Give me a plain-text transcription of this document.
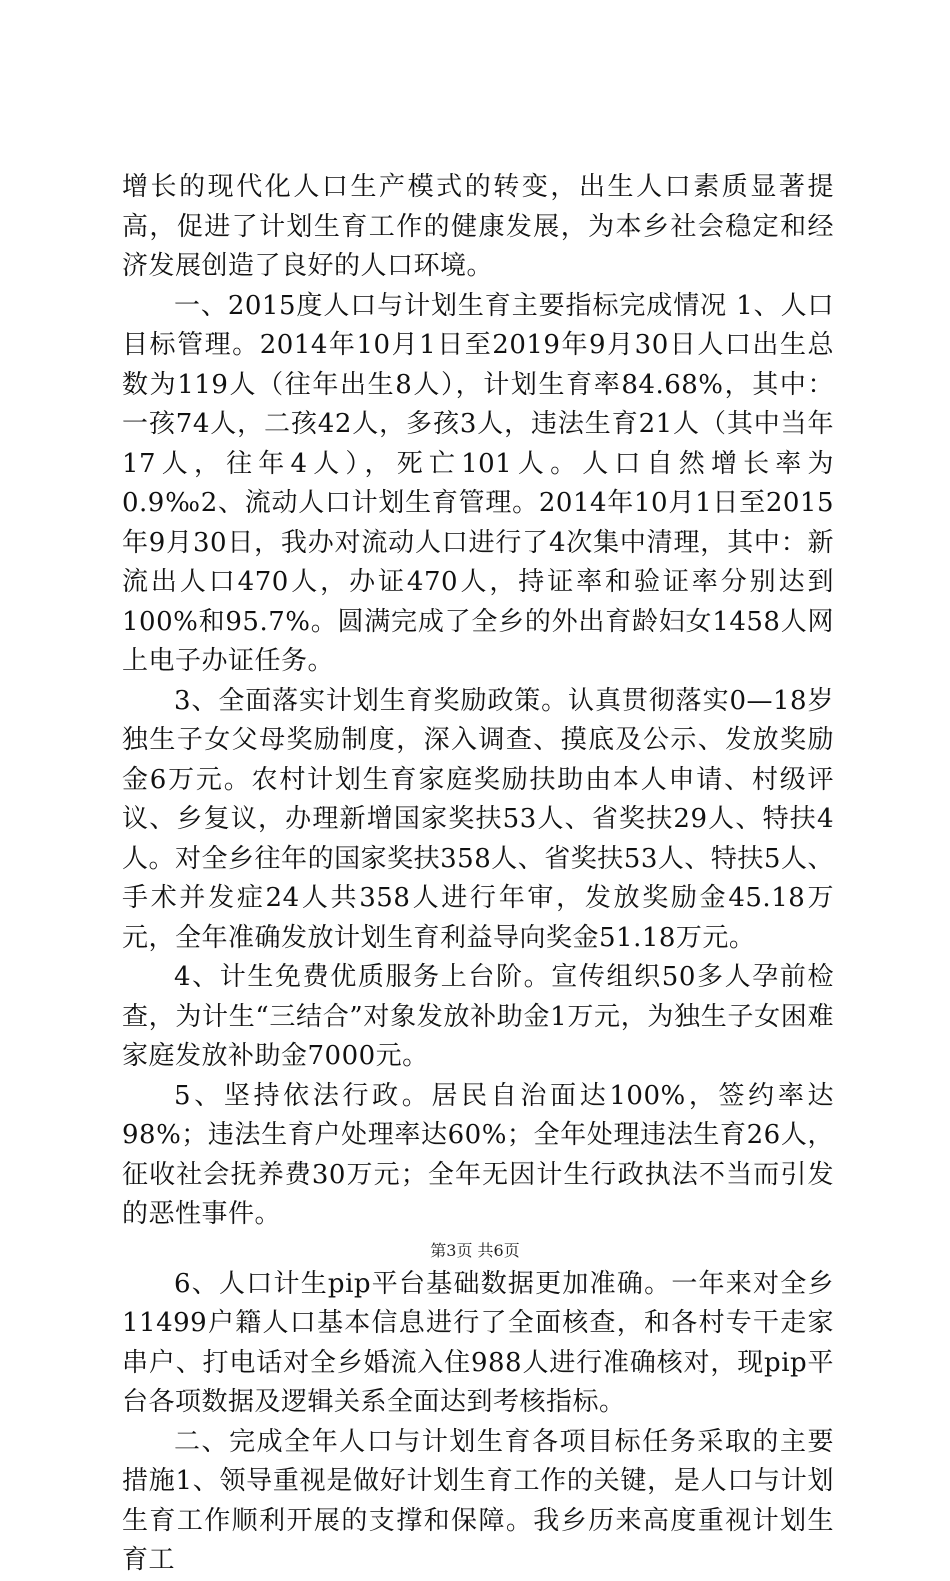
增长的现代化人口生产模式的转变，出生人口素质显著提高，促进了计划生育工作的健康发展，为本乡社会稳定和经济发展创造了良好的人口环境。

一、2015度人口与计划生育主要指标完成情况 1、人口目标管理。2014年10月1日至2019年9月30日人口出生总数为119人（往年出生8人），计划生育率84.68%，其中：一孩74人，二孩42人，多孩3人，违法生育21人（其中当年17人，往年4人），死亡101人。人口自然增长率为0.9‰2、流动人口计划生育管理。2014年10月1日至2015年9月30日，我办对流动人口进行了4次集中清理，其中：新流出人口470人，办证470人，持证率和验证率分别达到100%和95.7%。圆满完成了全乡的外出育龄妇女1458人网上电子办证任务。

3、全面落实计划生育奖励政策。认真贯彻落实0—18岁独生子女父母奖励制度，深入调查、摸底及公示、发放奖励金6万元。农村计划生育家庭奖励扶助由本人申请、村级评议、乡复议，办理新增国家奖扶53人、省奖扶29人、特扶4人。对全乡往年的国家奖扶358人、省奖扶53人、特扶5人、手术并发症24人共358人进行年审，发放奖励金45.18万元，全年准确发放计划生育利益导向奖金51.18万元。

4、计生免费优质服务上台阶。宣传组织50多人孕前检查，为计生“三结合”对象发放补助金1万元，为独生子女困难家庭发放补助金7000元。

5、坚持依法行政。居民自治面达100%，签约率达98%；违法生育户处理率达60%；全年处理违法生育26人，征收社会抚养费30万元；全年无因计生行政执法不当而引发的恶性事件。

6、人口计生pip平台基础数据更加准确。一年来对全乡11499户籍人口基本信息进行了全面核查，和各村专干走家串户、打电话对全乡婚流入住988人进行准确核对，现pip平台各项数据及逻辑关系全面达到考核指标。

二、完成全年人口与计划生育各项目标任务采取的主要措施1、领导重视是做好计划生育工作的关键，是人口与计划生育工作顺利开展的支撑和保障。我乡历来高度重视计划生育工

第3页 共6页
